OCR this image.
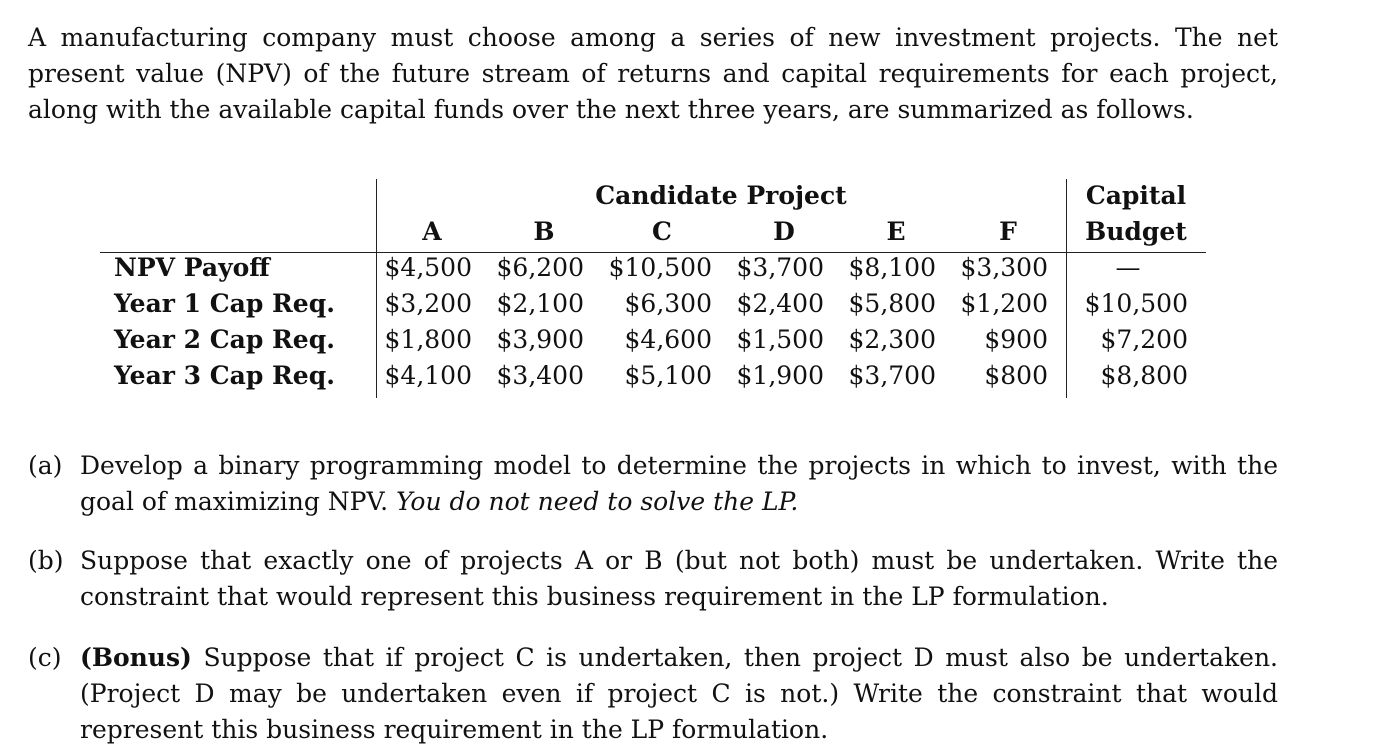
A manufacturing company must choose among a series of new investment projects. The net present value (NPV) of the future stream of returns and capital requirements for each project, along with the available capital funds over the next three years, are summarized as follows.
Candidate Project	Capital
Budget
A	B	C	D	E	F
NPV Payoff	$4,500 $6,200 $10,500 $3,700 $8,100 $3,300	—
Year 1 Cap Req.	$3,200 $2,100	$6,300 $2,400 $5,800 $1,200	$10,500
Year 2 Cap Req.	$1,800 $3,900	$4,600 $1,500 $2,300	$900	$7,200
Year 3 Cap Req.	$4,100 $3,400	$5,100 $1,900 $3,700	$800	$8,800
(a) Develop a binary programming model to determine the projects in which to invest, with the goal of maximizing NPV. You do not need to solve the LP.
(b) Suppose that exactly one of projects A or B (but not both) must be undertaken. Write the constraint that would represent this business requirement in the LP formulation.
(c) (Bonus) Suppose that if project C is undertaken, then project D must also be undertaken. (Project D may be undertaken even if project C is not.) Write the constraint that would represent this business requirement in the LP formulation.
